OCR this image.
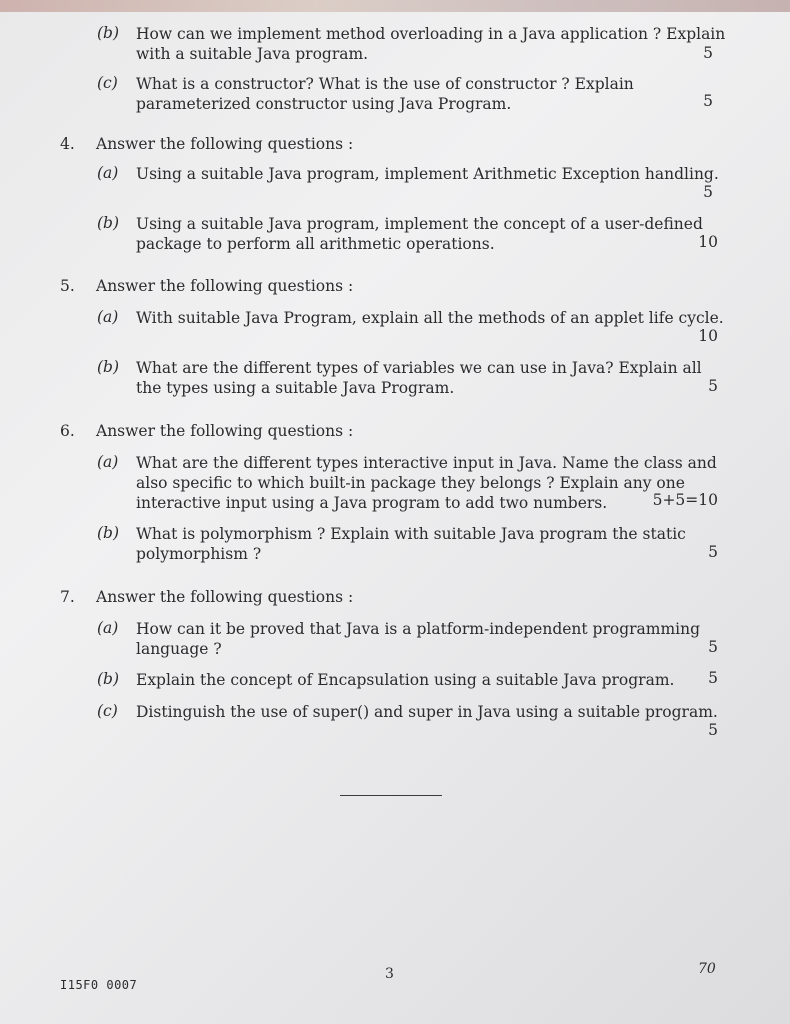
(b) How can we implement method overloading in a Java application ? Explain
with a suitable Java program.	5
(c) What is a constructor? What is the use of constructor ? Explain
parameterized constructor using Java Program.	5
4. Answer the following questions :
(a) Using a suitable Java program, implement Arithmetic Exception handling.
5
(b) Using a suitable Java program, implement the concept of a user-defined
package to perform all arithmetic operations.	10
5. Answer the following questions :
(a) With suitable Java Program, explain all the methods of an applet life cycle.
10
(b) What are the different types of variables we can use in Java? Explain all
the types using a suitable Java Program.	5
6. Answer the following questions :
(a) What are the different types interactive input in Java. Name the class and
also specific to which built-in package they belongs ? Explain any one
interactive input using a Java program to add two numbers.	5+5=10
(b) What is polymorphism ? Explain with suitable Java program the static
polymorphism ?	5
7. Answer the following questions :
(a) How can it be proved that Java is a platform-independent programming
language ?	5
(b) Explain the concept of Encapsulation using a suitable Java program. 5
(c) Distinguish the use of super() and super in Java using a suitable program.
5
3	70
I15F0 0007
